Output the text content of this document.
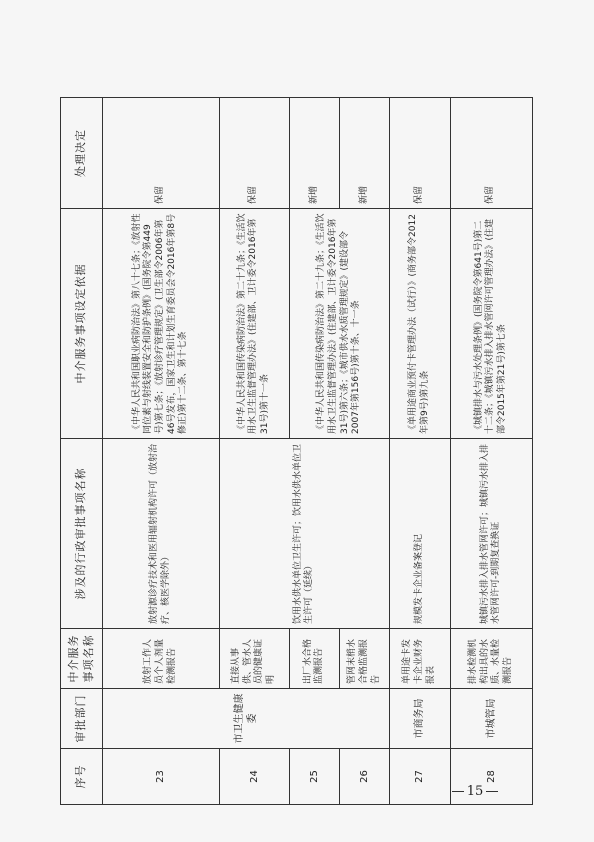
序号	审批部门	中介服务事项名称	涉及的行政审批事项名称	中介服务事项设定依据	处理决定
23	市卫生健康委	放射工作人员个人剂量检测报告	放射源诊疗技术和医用辐射机构许可（放射治疗、核医学除外）	《中华人民共和国职业病防治法》第八十七条；《放射性同位素与射线装置安全和防护条例》(国务院令第449号)第七条；《放射诊疗管理规定》(卫生部令2006年第46号发布，国家卫生和计划生育委员会令2016年第8号修正)第十二条、第十七条	保留
24		直接从事供、管水人员的健康证明	饮用水供水单位卫生许可；饮用水供水单位卫生许可（延续）	《中华人民共和国传染病防治法》第二十九条；《生活饮用水卫生监督管理办法》(住建部、卫计委令2016年第31号)第十一条	保留
25		出厂水合格监测报告		《中华人民共和国传染病防治法》第二十九条；《生活饮用水卫生监督管理办法》(住建部、卫计委令2016年第31号)第六条；《城市供水水质管理规定》(建设部令2007年第156号)第十条、十一条	新增
26		管网末梢水合格监测报告			新增
27	市商务局	单用途卡发卡企业财务报表	规模发卡企业备案登记	《单用途商业预付卡管理办法（试行）》(商务部令2012年第9号)第九条	保留
28	市城管局	排水检测机构出具的水质、水量检测报告	城镇污水排入排水管网许可；城镇污水排入排水管网许可-到期复查换证	《城镇排水与污水处理条例》(国务院令第641号)第二十二条；《城镇污水排入排水管网许可管理办法》(住建部令2015年第21号)第七条	保留
15
